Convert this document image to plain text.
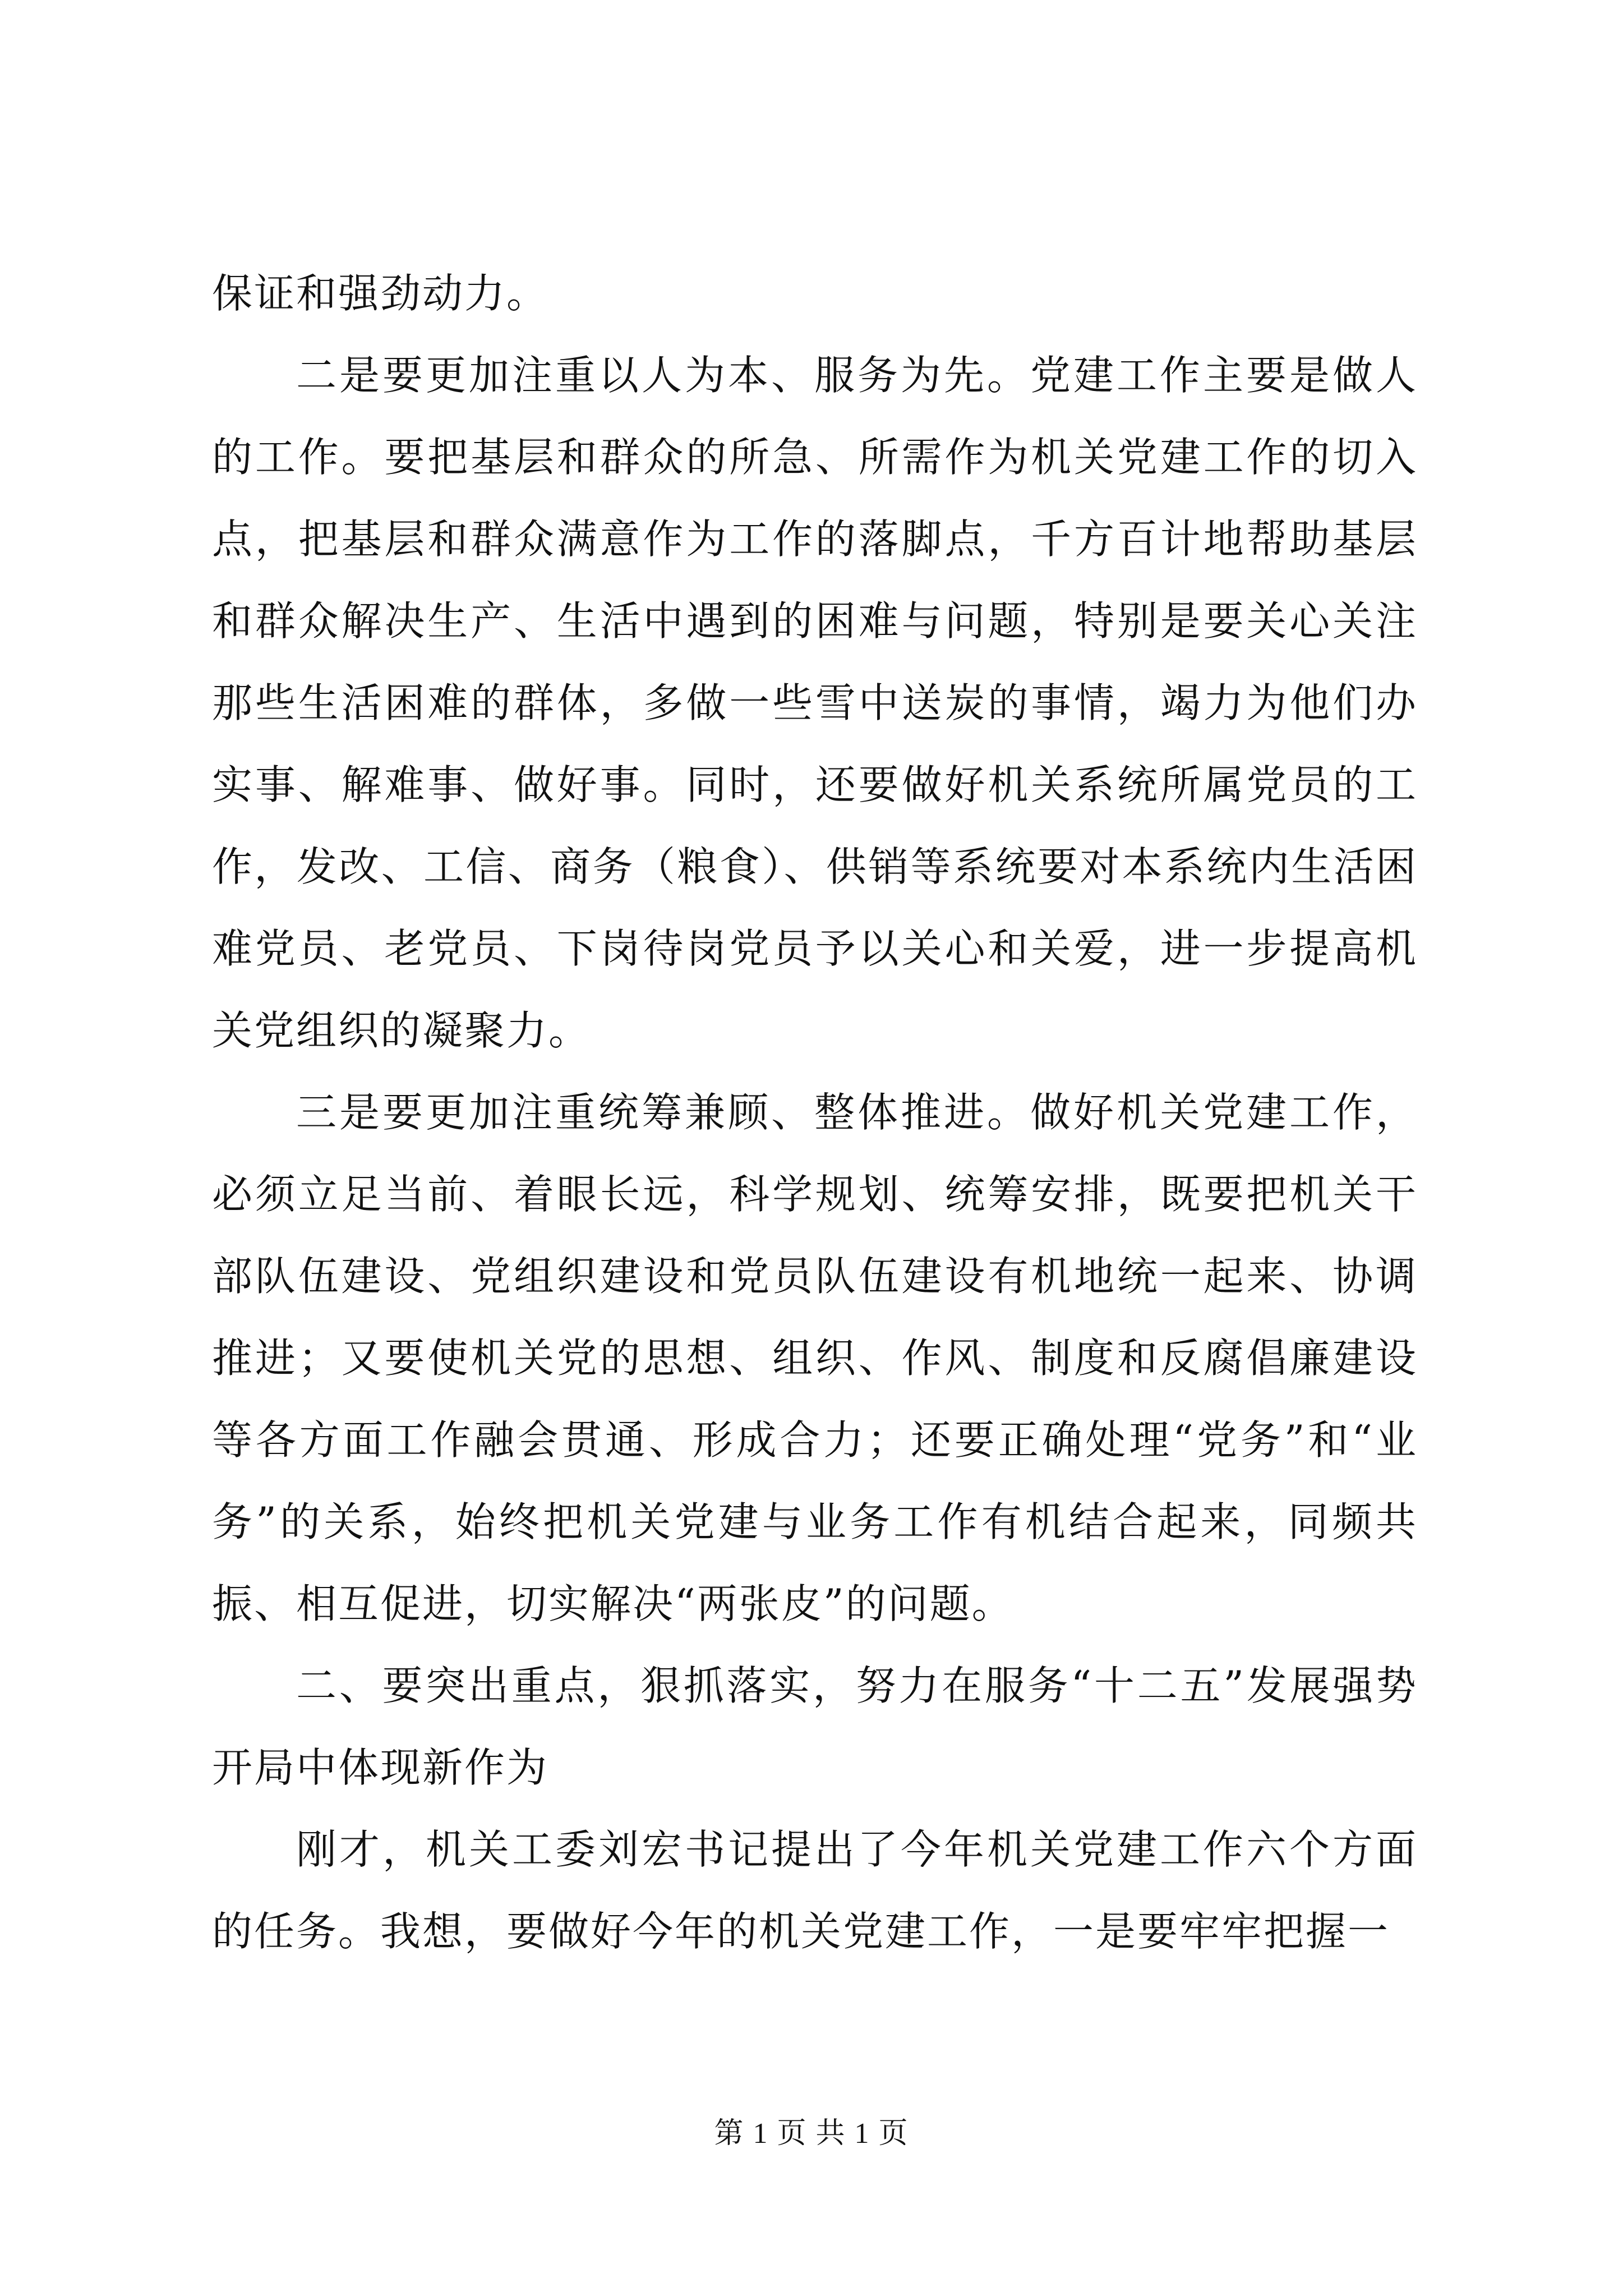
保证和强劲动力。

二是要更加注重以人为本、服务为先。党建工作主要是做人的工作。要把基层和群众的所急、所需作为机关党建工作的切入点，把基层和群众满意作为工作的落脚点，千方百计地帮助基层和群众解决生产、生活中遇到的困难与问题，特别是要关心关注那些生活困难的群体，多做一些雪中送炭的事情，竭力为他们办实事、解难事、做好事。同时，还要做好机关系统所属党员的工作，发改、工信、商务（粮食）、供销等系统要对本系统内生活困难党员、老党员、下岗待岗党员予以关心和关爱，进一步提高机关党组织的凝聚力。

三是要更加注重统筹兼顾、整体推进。做好机关党建工作，必须立足当前、着眼长远，科学规划、统筹安排，既要把机关干部队伍建设、党组织建设和党员队伍建设有机地统一起来、协调推进；又要使机关党的思想、组织、作风、制度和反腐倡廉建设等各方面工作融会贯通、形成合力；还要正确处理“党务”和“业务”的关系，始终把机关党建与业务工作有机结合起来，同频共振、相互促进，切实解决“两张皮”的问题。

二、要突出重点，狠抓落实，努力在服务“十二五”发展强势开局中体现新作为

刚才，机关工委刘宏书记提出了今年机关党建工作六个方面的任务。我想，要做好今年的机关党建工作，一是要牢牢把握一

第 1 页 共 1 页
